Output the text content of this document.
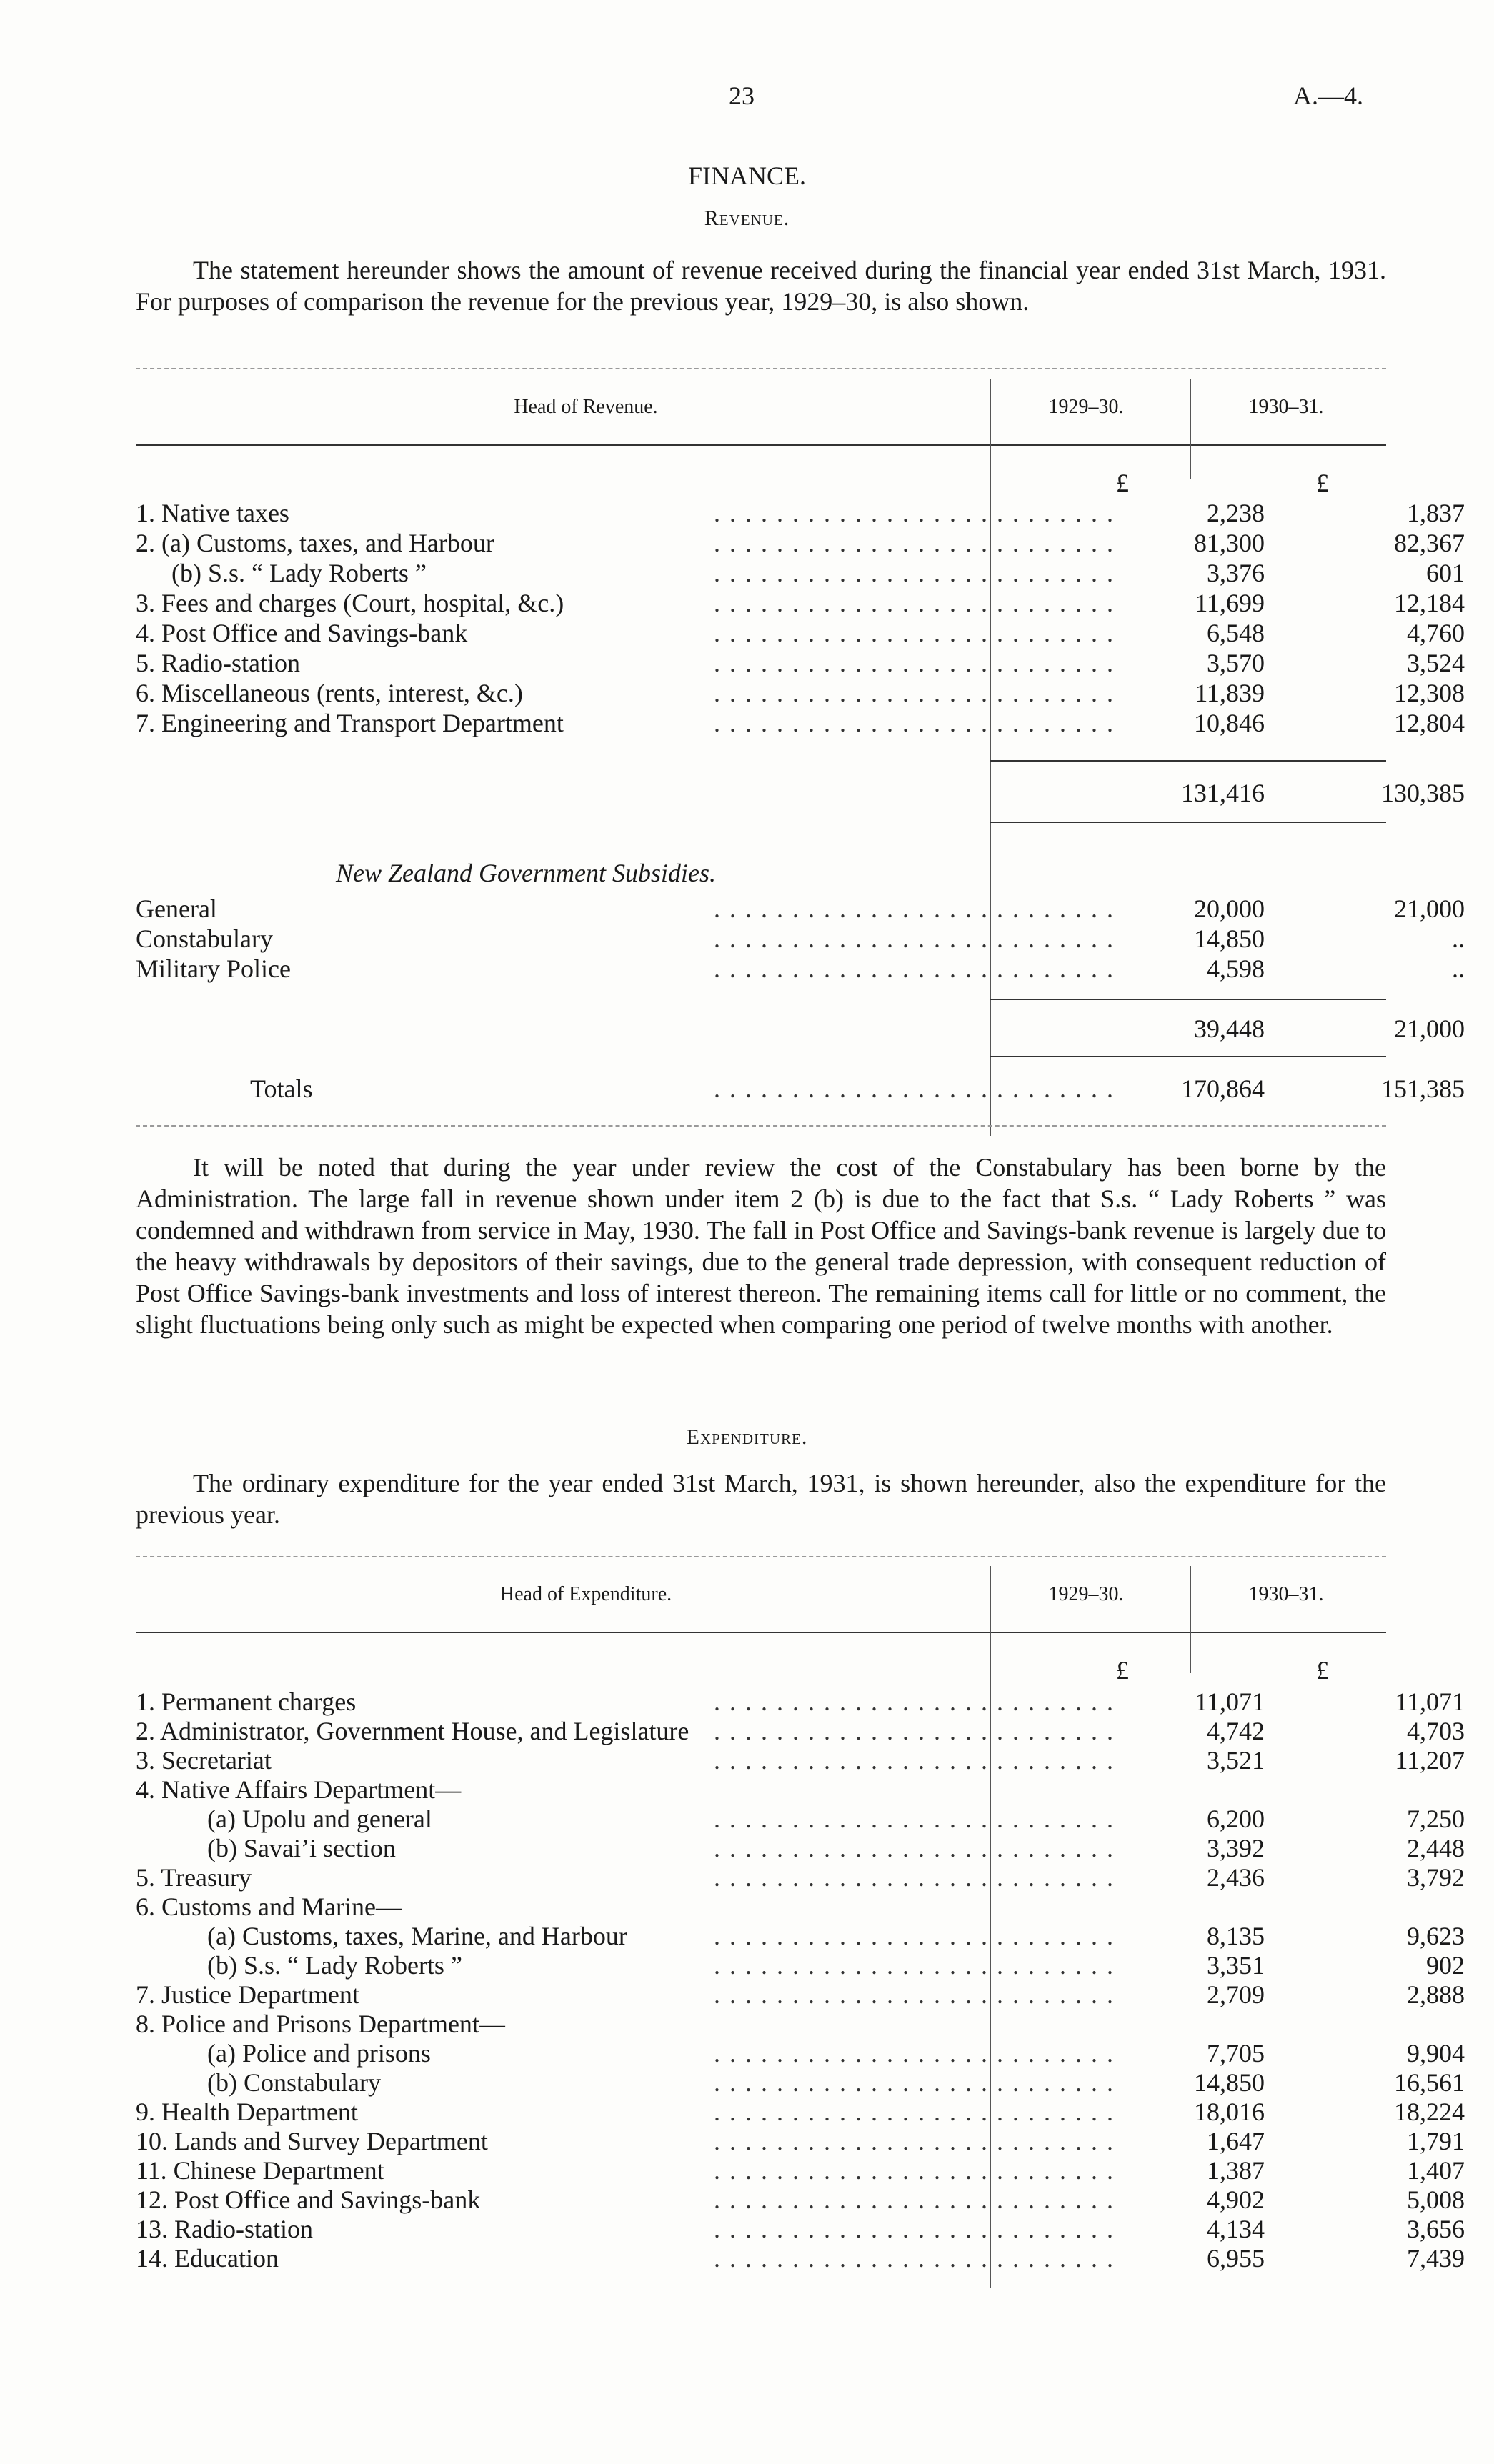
23	A.—4.
FINANCE.
Revenue.
The statement hereunder shows the amount of revenue received during the financial year ended 31st March, 1931. For purposes of comparison the revenue for the previous year, 1929–30, is also shown.
Head of Revenue.	1929–30.	1930–31.
£	£
1. Native taxes	. . . . . . . . . . . . . . . . . . . . . . . . . .	2,238	1,837
2. (a) Customs, taxes, and Harbour	. . . . . . . . . . . . . . . . . . . . . . . . . .	81,300	82,367
(b) S.s. “ Lady Roberts ”	. . . . . . . . . . . . . . . . . . . . . . . . . .	3,376	601
3. Fees and charges (Court, hospital, &c.)	. . . . . . . . . . . . . . . . . . . . . . . . . .	11,699	12,184
4. Post Office and Savings-bank	. . . . . . . . . . . . . . . . . . . . . . . . . .	6,548	4,760
5. Radio-station	. . . . . . . . . . . . . . . . . . . . . . . . . .	3,570	3,524
6. Miscellaneous (rents, interest, &c.)	. . . . . . . . . . . . . . . . . . . . . . . . . .	11,839	12,308
7. Engineering and Transport Department	. . . . . . . . . . . . . . . . . . . . . . . . . .	10,846	12,804
131,416	130,385
New Zealand Government Subsidies.
General	. . . . . . . . . . . . . . . . . . . . . . . . . .	20,000	21,000
Constabulary	. . . . . . . . . . . . . . . . . . . . . . . . . .	14,850	..
Military Police	. . . . . . . . . . . . . . . . . . . . . . . . . .	4,598	..
39,448	21,000
Totals	. . . . . . . . . . . . . . . . . . . . . . . . . .	170,864	151,385
It will be noted that during the year under review the cost of the Constabulary has been borne by the Administration. The large fall in revenue shown under item 2 (b) is due to the fact that S.s. “ Lady Roberts ” was condemned and withdrawn from service in May, 1930. The fall in Post Office and Savings-bank revenue is largely due to the heavy withdrawals by depositors of their savings, due to the general trade depression, with consequent reduction of Post Office Savings-bank investments and loss of interest thereon. The remaining items call for little or no comment, the slight fluctuations being only such as might be expected when comparing one period of twelve months with another.
Expenditure.
The ordinary expenditure for the year ended 31st March, 1931, is shown hereunder, also the expenditure for the previous year.
Head of Expenditure.	1929–30.	1930–31.
£	£
1. Permanent charges	. . . . . . . . . . . . . . . . . . . . . . . . . .	11,071	11,071
2. Administrator, Government House, and Legislature . . . . . . . . . . . . . . . . . . . . . . . . . .	4,742	4,703
3. Secretariat	. . . . . . . . . . . . . . . . . . . . . . . . . .	3,521	11,207
4. Native Affairs Department—
(a) Upolu and general	. . . . . . . . . . . . . . . . . . . . . . . . . .	6,200	7,250
(b) Savai’i section	. . . . . . . . . . . . . . . . . . . . . . . . . .	3,392	2,448
5. Treasury	. . . . . . . . . . . . . . . . . . . . . . . . . .	2,436	3,792
6. Customs and Marine—
(a) Customs, taxes, Marine, and Harbour	. . . . . . . . . . . . . . . . . . . . . . . . . .	8,135	9,623
(b) S.s. “ Lady Roberts ”	. . . . . . . . . . . . . . . . . . . . . . . . . .	3,351	902
7. Justice Department	. . . . . . . . . . . . . . . . . . . . . . . . . .	2,709	2,888
8. Police and Prisons Department—
(a) Police and prisons	. . . . . . . . . . . . . . . . . . . . . . . . . .	7,705	9,904
(b) Constabulary	. . . . . . . . . . . . . . . . . . . . . . . . . .	14,850	16,561
9. Health Department	. . . . . . . . . . . . . . . . . . . . . . . . . .	18,016	18,224
10. Lands and Survey Department	. . . . . . . . . . . . . . . . . . . . . . . . . .	1,647	1,791
11. Chinese Department	. . . . . . . . . . . . . . . . . . . . . . . . . .	1,387	1,407
12. Post Office and Savings-bank	. . . . . . . . . . . . . . . . . . . . . . . . . .	4,902	5,008
13. Radio-station	. . . . . . . . . . . . . . . . . . . . . . . . . .	4,134	3,656
14. Education	. . . . . . . . . . . . . . . . . . . . . . . . . .	6,955	7,439
